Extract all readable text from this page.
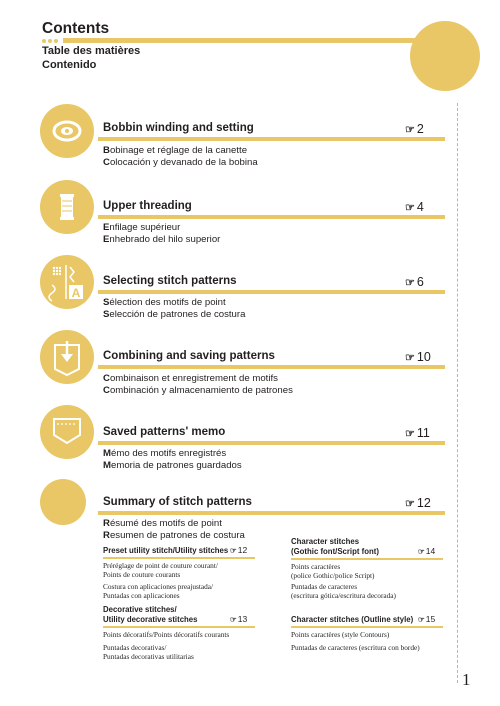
Contents
Table des matières
Contenido
Bobbin winding and setting	☞ 2
Bobinage et réglage de la canette
Colocación y devanado de la bobina
Upper threading	☞ 4
Enfilage supérieur
Enhebrado del hilo superior
A
Selecting stitch patterns	☞ 6
Sélection des motifs de point
Selección de patrones de costura
Combining and saving patterns	☞ 10
Combinaison et enregistrement de motifs
Combinación y almacenamiento de patrones
Saved patterns' memo	☞ 11
Mémo des motifs enregistrés
Memoria de patrones guardados
Summary of stitch patterns	☞ 12
Résumé des motifs de point
Resumen de patrones de costura
Preset utility stitch/Utility stitches ☞12
Préréglage de point de couture courant/
Points de couture courants
Costura con aplicaciones preajustada/
Puntadas con aplicaciones
Decorative stitches/
Utility decorative stitches	☞13
Points décoratifs/Points décoratifs courants
Puntadas decorativas/
Puntadas decorativas utilitarias
Character stitches
(Gothic font/Script font)	☞14
Points caractères
(police Gothic/police Script)
Puntadas de caracteres
(escritura gótica/escritura decorada)
Character stitches (Outline style) ☞15
Points caractères (style Contours)
Puntadas de caracteres (escritura con borde)
1
